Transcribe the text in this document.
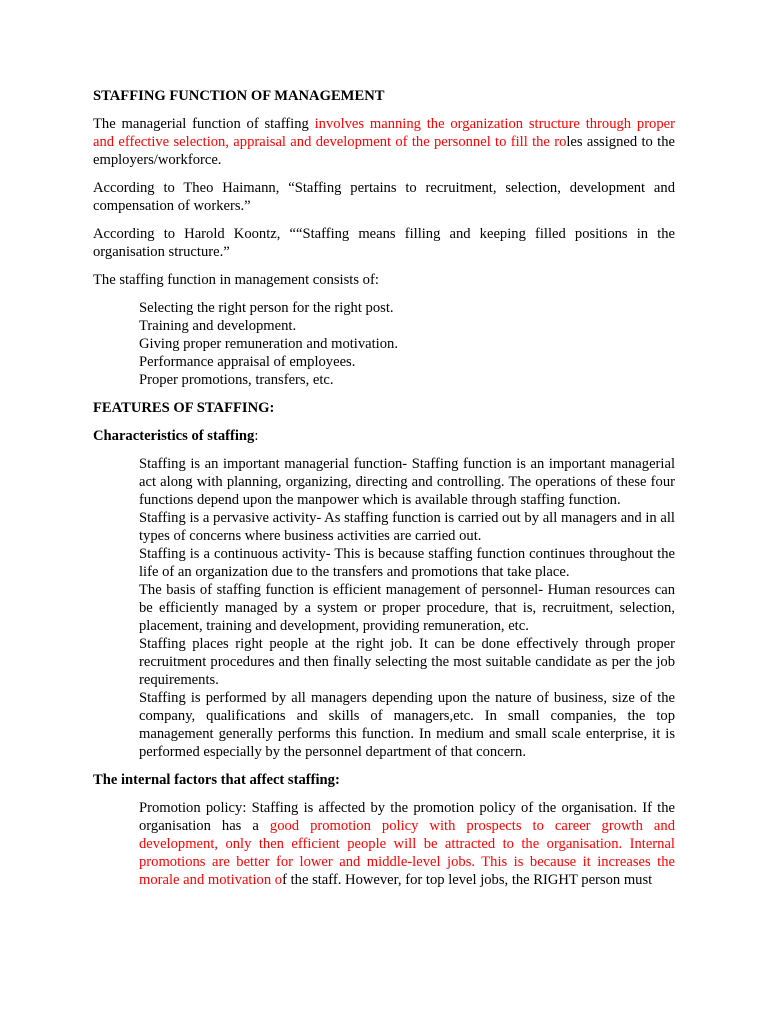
STAFFING FUNCTION OF MANAGEMENT

The managerial function of staffing involves manning the organization structure through proper and effective selection, appraisal and development of the personnel to fill the roles assigned to the employers/workforce.

According to Theo Haimann, “Staffing pertains to recruitment, selection, development and compensation of workers.”

According to Harold Koontz, ““Staffing means filling and keeping filled positions in the organisation structure.”

The staffing function in management consists of:

Selecting the right person for the right post.
Training and development.
Giving proper remuneration and motivation.
Performance appraisal of employees.
Proper promotions, transfers, etc.

FEATURES OF STAFFING:

Characteristics of staffing:

Staffing is an important managerial function- Staffing function is an important managerial act along with planning, organizing, directing and controlling. The operations of these four functions depend upon the manpower which is available through staffing function.

Staffing is a pervasive activity- As staffing function is carried out by all managers and in all types of concerns where business activities are carried out.

Staffing is a continuous activity- This is because staffing function continues throughout the life of an organization due to the transfers and promotions that take place.

The basis of staffing function is efficient management of personnel- Human resources can be efficiently managed by a system or proper procedure, that is, recruitment, selection, placement, training and development, providing remuneration, etc.

Staffing places right people at the right job. It can be done effectively through proper recruitment procedures and then finally selecting the most suitable candidate as per the job requirements.

Staffing is performed by all managers depending upon the nature of business, size of the company, qualifications and skills of managers,etc. In small companies, the top management generally performs this function. In medium and small scale enterprise, it is performed especially by the personnel department of that concern.

The internal factors that affect staffing:

Promotion policy: Staffing is affected by the promotion policy of the organisation. If the organisation has a good promotion policy with prospects to career growth and development, only then efficient people will be attracted to the organisation. Internal promotions are better for lower and middle-level jobs. This is because it increases the morale and motivation of the staff. However, for top level jobs, the RIGHT person must
